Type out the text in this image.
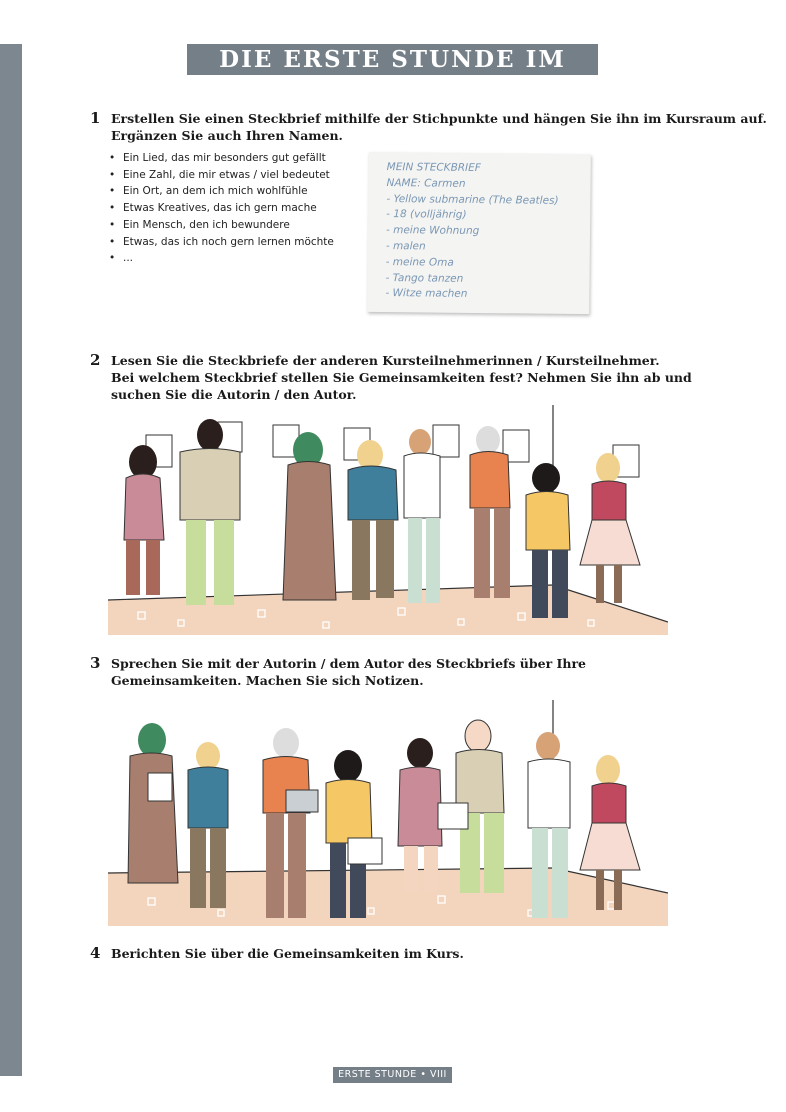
DIE ERSTE STUNDE IM KURS
1 Erstellen Sie einen Steckbrief mithilfe der Stichpunkte und hängen Sie ihn im Kursraum auf.
Ergänzen Sie auch Ihren Namen.
• Ein Lied, das mir besonders gut gefällt
• Eine Zahl, die mir etwas / viel bedeutet
• Ein Ort, an dem ich mich wohlfühle
• Etwas Kreatives, das ich gern mache
• Ein Mensch, den ich bewundere
• Etwas, das ich noch gern lernen möchte
• ...
MEIN STECKBRIEF
NAME: Carmen
- Yellow submarine (The Beatles)
- 18 (volljährig)
- meine Wohnung
- malen
- meine Oma
- Tango tanzen
- Witze machen
2 Lesen Sie die Steckbriefe der anderen Kursteilnehmerinnen / Kursteilnehmer.
Bei welchem Steckbrief stellen Sie Gemeinsamkeiten fest? Nehmen Sie ihn ab und
suchen Sie die Autorin / den Autor.
3 Sprechen Sie mit der Autorin / dem Autor des Steckbriefs über Ihre
Gemeinsamkeiten. Machen Sie sich Notizen.
4 Berichten Sie über die Gemeinsamkeiten im Kurs.
ERSTE STUNDE • VIII
